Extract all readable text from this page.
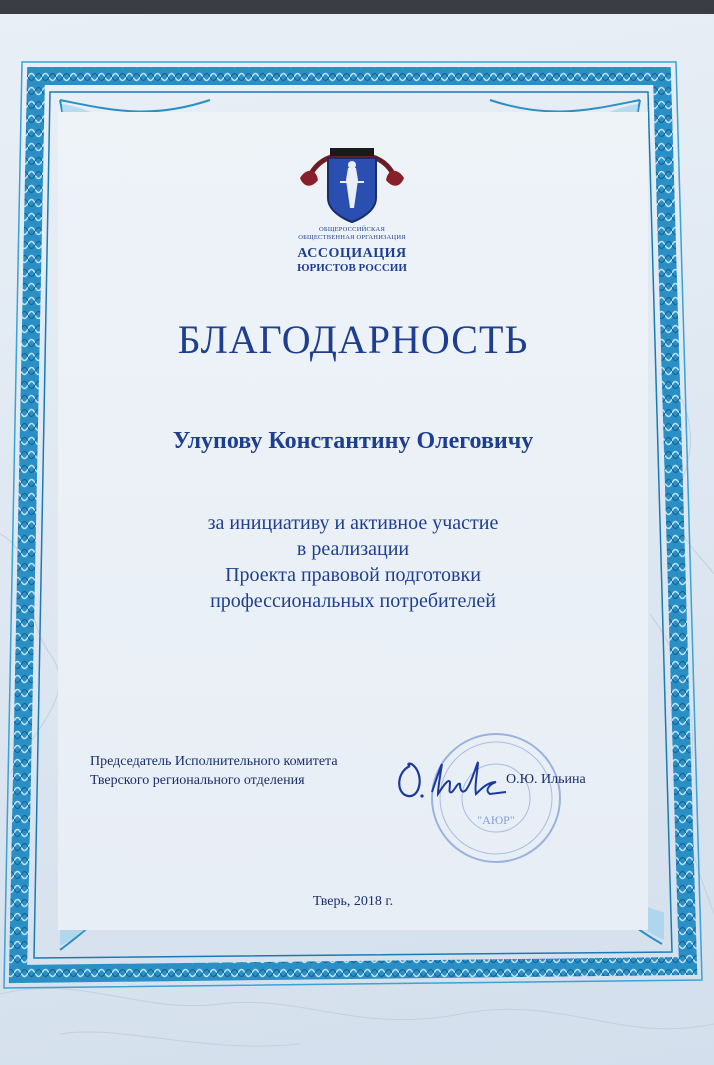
ОБЩЕРОССИЙСКАЯ
ОБЩЕСТВЕННАЯ ОРГАНИЗАЦИЯ
АССОЦИАЦИЯ
ЮРИСТОВ РОССИИ
БЛАГОДАРНОСТЬ
Улупову Константину Олеговичу
за инициативу и активное участие
в реализации
Проекта правовой подготовки
профессиональных потребителей
"АЮР"
Председатель Исполнительного комитета
Тверского регионального отделения	О.Ю. Ильина
Тверь, 2018 г.
